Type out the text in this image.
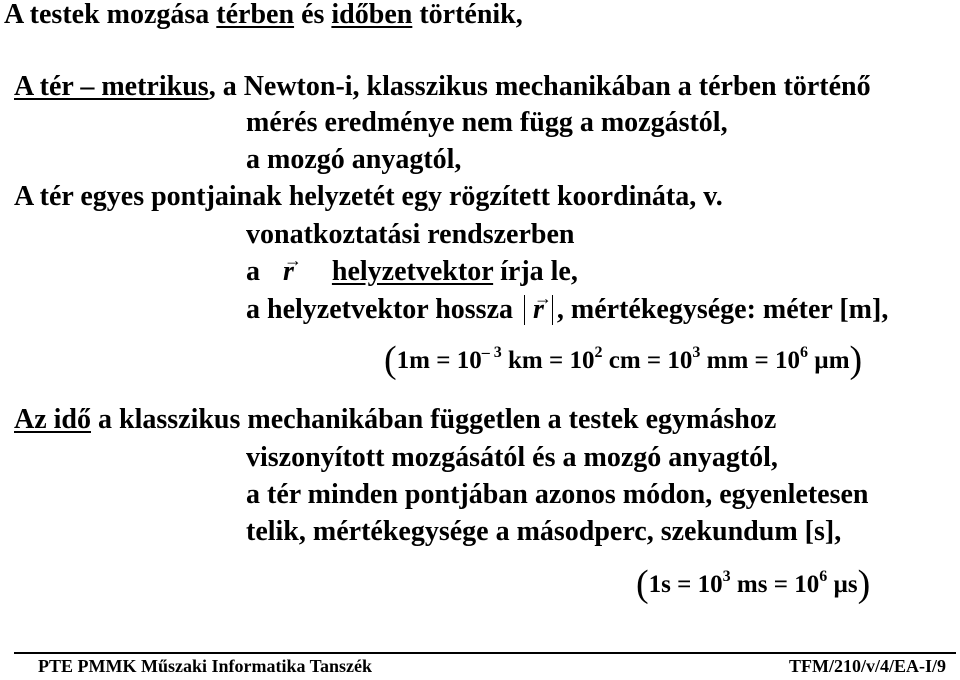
A testek mozgása térben és időben történik,
A tér – metrikus, a Newton-i, klasszikus mechanikában a térben történő
mérés eredménye nem függ a mozgástól,
a mozgó anyagtól,
A tér egyes pontjainak helyzetét egy rögzített koordináta, v.
vonatkoztatási rendszerben
a → r helyzetvektor írja le,
a helyzetvektor hossza → r , mértékegysége: méter [m],
($1m = 10^{- 3}$ km = $10^2$ cm = $10^3$ mm = $10^6$ µm)
Az idő a klasszikus mechanikában független a testek egymáshoz
viszonyított mozgásától és a mozgó anyagtól,
a tér minden pontjában azonos módon, egyenletesen
telik, mértékegysége a másodperc, szekundum [s],
($1s = 10^3$ ms = $10^6$ µs)
PTE PMMK Műszaki Informatika Tanszék	TFM/210/v/4/EA-I/9
